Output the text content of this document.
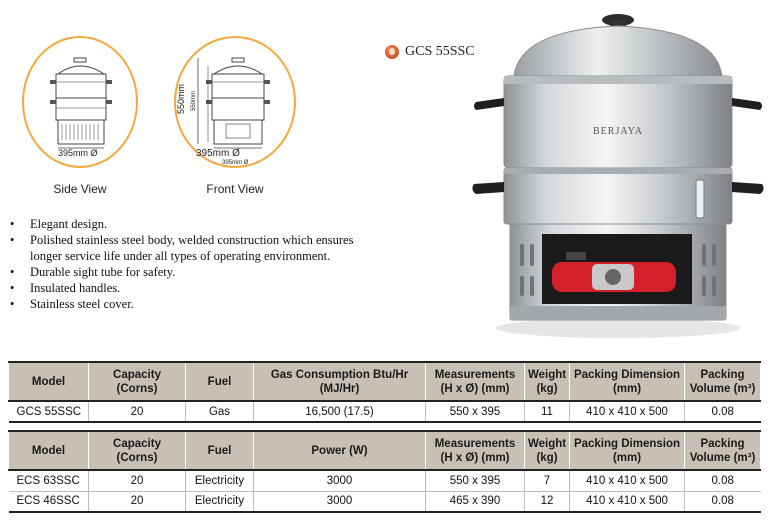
395mm Ø
Side View
550mm 550mm
395mm Ø
395mm Ø
Front View
GCS 55SSC
BERJAYA
• Elegant design.
• Polished stainless steel body, welded construction which ensures longer service life under all types of operating environment.
• Durable sight tube for safety.
• Insulated handles.
• Stainless steel cover.
Model	Capacity (Corns)	Fuel	Gas Consumption Btu/Hr (MJ/Hr)	Measurements (H x Ø) (mm)	Weight (kg)	Packing Dimension (mm)	Packing Volume (m³)
GCS 55SSC	20	Gas	16,500 (17.5)	550 x 395	11	410 x 410 x 500	0.08
Model	Capacity (Corns)	Fuel	Power (W)	Measurements (H x Ø) (mm)	Weight (kg)	Packing Dimension (mm)	Packing Volume (m³)
ECS 63SSC	20	Electricity	3000	550 x 395	7	410 x 410 x 500	0.08
ECS 46SSC	20	Electricity	3000	465 x 390	12	410 x 410 x 500	0.08
